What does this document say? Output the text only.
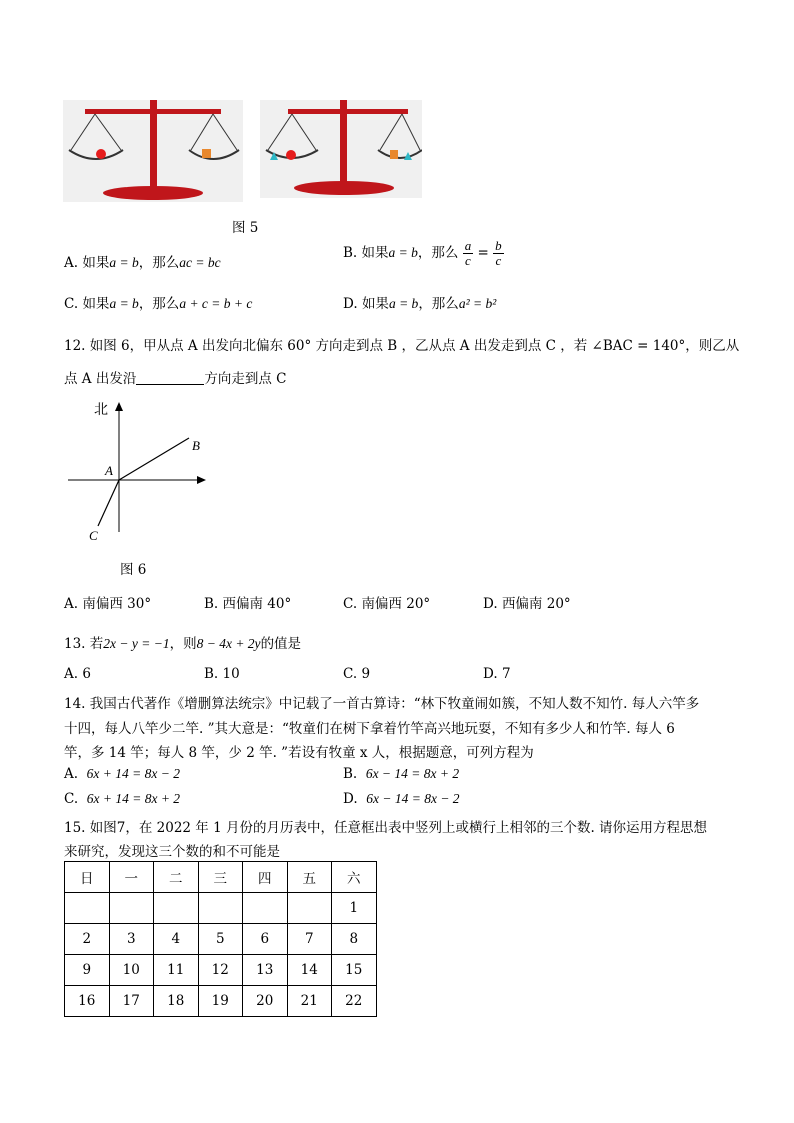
图 5
A. 如果a = b，那么ac = bc
B. 如果a = b，那么 $\frac{a}{c} = \frac{b}{c}$
C. 如果a = b，那么a + c = b + c	D. 如果a = b，那么a² = b²
12. 如图 6，甲从点 A 出发向北偏东 60° 方向走到点 B ，乙从点 A 出发走到点 C ，若 ∠BAC = 140°，则乙从
点 A 出发沿	方向走到点 C
北
A
B
C
图 6
A. 南偏西 30°	B. 西偏南 40°	C. 南偏西 20°	D. 西偏南 20°
13. 若2x − y = −1，则8 − 4x + 2y的值是
A. 6	B. 10	C. 9	D. 7
14. 我国古代著作《增删算法统宗》中记载了一首古算诗：“林下牧童闹如簇，不知人数不知竹. 每人六竿多
十四，每人八竿少二竿. ”其大意是：“牧童们在树下拿着竹竿高兴地玩耍，不知有多少人和竹竿. 每人 6
竿，多 14 竿；每人 8 竿，少 2 竿. ”若设有牧童 x 人，根据题意，可列方程为
A. 6x + 14 = 8x − 2	B. 6x − 14 = 8x + 2
C. 6x + 14 = 8x + 2	D. 6x − 14 = 8x − 2
15. 如图7，在 2022 年 1 月份的月历表中，任意框出表中竖列上或横行上相邻的三个数. 请你运用方程思想
来研究，发现这三个数的和不可能是
日	一	二	三	四	五	六
						1
2	3	4	5	6	7	8
9	10	11	12	13	14	15
16	17	18	19	20	21	22
